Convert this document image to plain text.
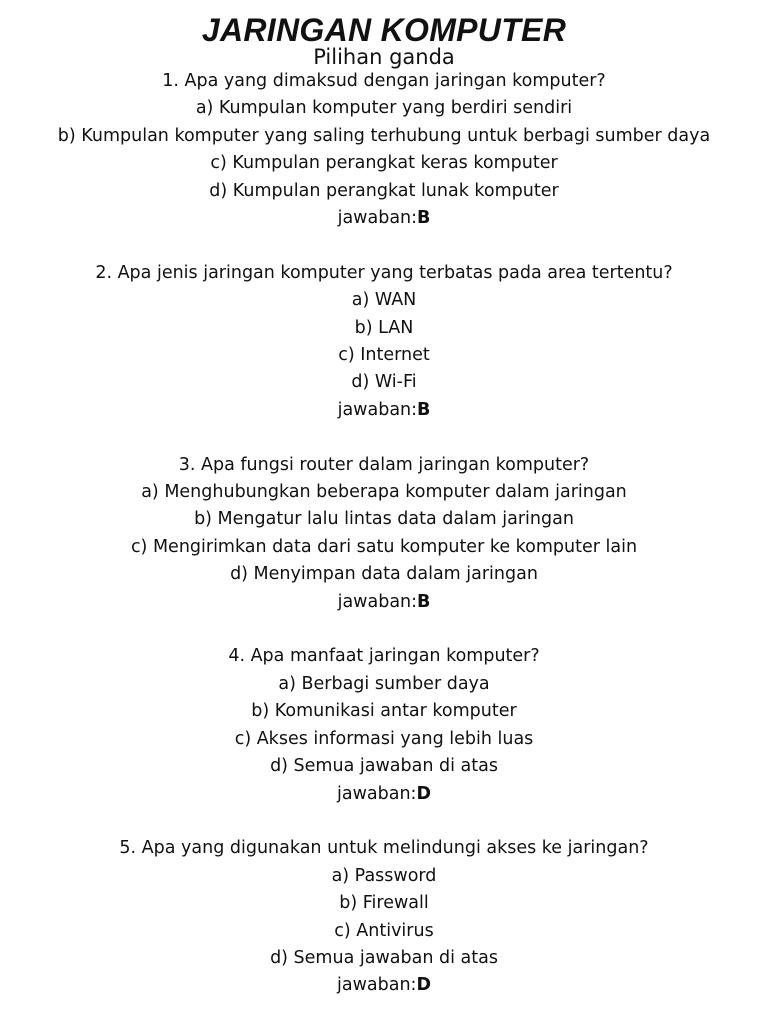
JARINGAN KOMPUTER

Pilihan ganda

1. Apa yang dimaksud dengan jaringan komputer?
a) Kumpulan komputer yang berdiri sendiri
b) Kumpulan komputer yang saling terhubung untuk berbagi sumber daya
c) Kumpulan perangkat keras komputer
d) Kumpulan perangkat lunak komputer
jawaban:B
2. Apa jenis jaringan komputer yang terbatas pada area tertentu?
a) WAN
b) LAN
c) Internet
d) Wi-Fi
jawaban:B
3. Apa fungsi router dalam jaringan komputer?
a) Menghubungkan beberapa komputer dalam jaringan
b) Mengatur lalu lintas data dalam jaringan
c) Mengirimkan data dari satu komputer ke komputer lain
d) Menyimpan data dalam jaringan
jawaban:B
4. Apa manfaat jaringan komputer?
a) Berbagi sumber daya
b) Komunikasi antar komputer
c) Akses informasi yang lebih luas
d) Semua jawaban di atas
jawaban:D
5. Apa yang digunakan untuk melindungi akses ke jaringan?
a) Password
b) Firewall
c) Antivirus
d) Semua jawaban di atas
jawaban:D
